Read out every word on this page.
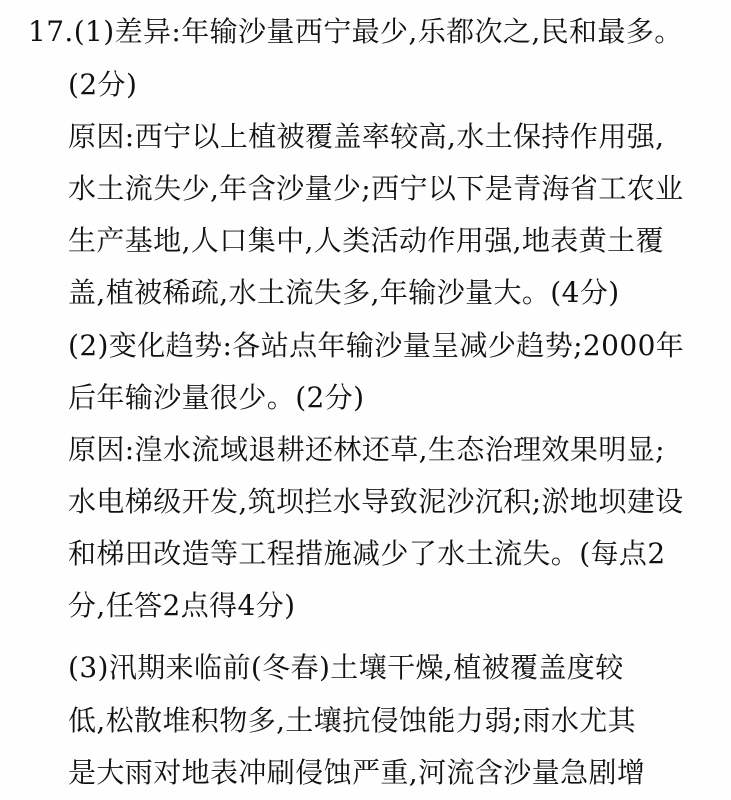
17.(1)差异:年输沙量西宁最少,乐都次之,民和最多。
(2分)
原因:西宁以上植被覆盖率较高,水土保持作用强,
水土流失少,年含沙量少;西宁以下是青海省工农业
生产基地,人口集中,人类活动作用强,地表黄土覆
盖,植被稀疏,水土流失多,年输沙量大。(4分)
(2)变化趋势:各站点年输沙量呈减少趋势;2000年
后年输沙量很少。(2分)
原因:湟水流域退耕还林还草,生态治理效果明显;
水电梯级开发,筑坝拦水导致泥沙沉积;淤地坝建设
和梯田改造等工程措施减少了水土流失。(每点2
分,任答2点得4分)
(3)汛期来临前(冬春)土壤干燥,植被覆盖度较
低,松散堆积物多,土壤抗侵蚀能力弱;雨水尤其
是大雨对地表冲刷侵蚀严重,河流含沙量急剧增
